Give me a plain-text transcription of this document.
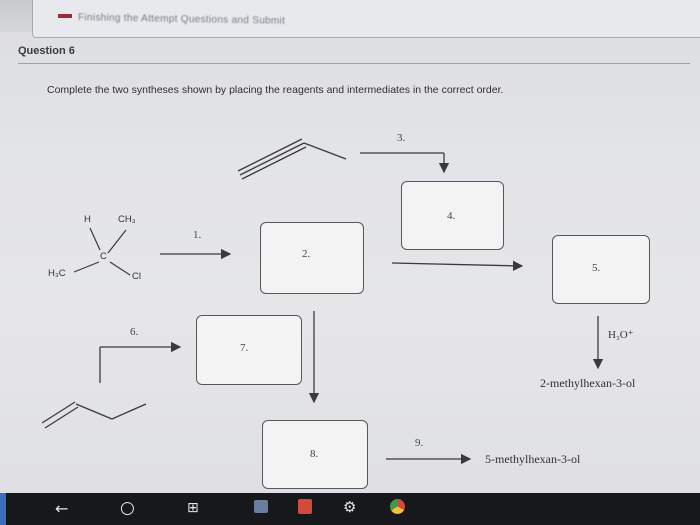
Finishing the Attempt Questions and Submit
Question 6
Complete the two syntheses shown by placing the reagents and intermediates in the correct order.
3.
4.
1.
2.
5.
6.
7.
8.
9.
H	CH₃
C
H₃C	Cl
H₃O⁺
2-methylhexan-3-ol
5-methylhexan-3-ol
←	○	⊞	⚙
